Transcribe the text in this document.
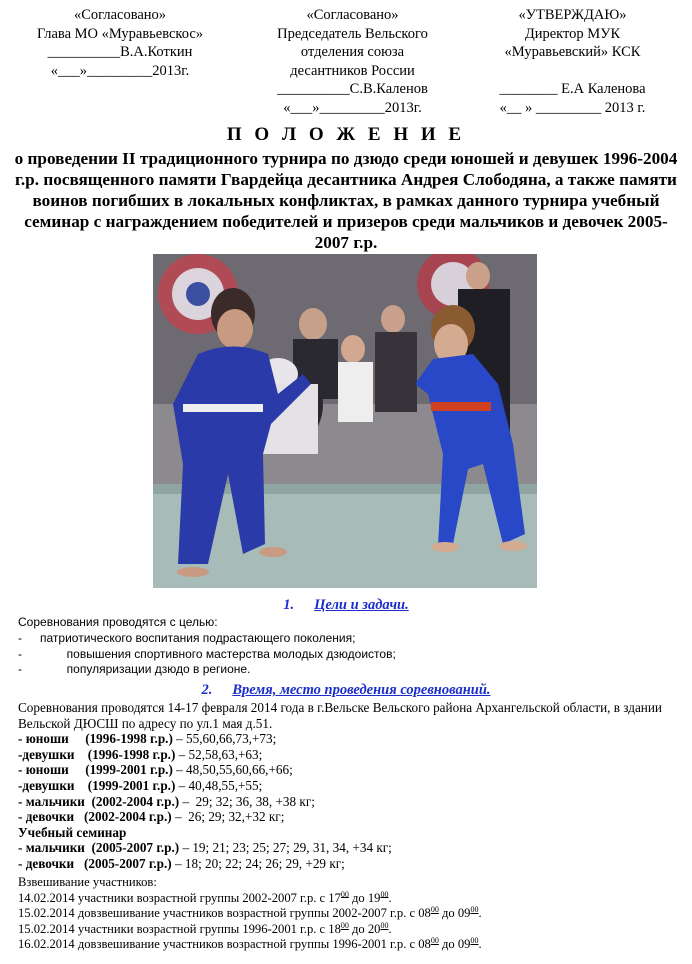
«Согласовано»
Глава МО «Муравьевскос»
__________В.А.Коткин
«___»_________2013г.
«Согласовано»
Председатель Вельского
отделения союза
десантников России
__________С.В.Каленов
«___»_________2013г.
«УТВЕРЖДАЮ»
Директор МУК
«Муравьевский» КСК

________ Е.А Каленова
«__ » _________ 2013 г.
П О Л О Ж Е Н И Е
о проведении II традиционного турнира по дзюдо среди юношей и девушек 1996-2004 г.р. посвященного памяти Гвардейца десантника Андрея Слободяна, а также памяти воинов погибших в локальных конфликтах, в рамках данного турнира учебный семинар с награждением победителей и призеров среди мальчиков и девочек 2005-2007 г.р.
1. Цели и задачи.
Соревнования проводятся с целью:
-	патриотического воспитания подрастающего поколения;
-	повышения спортивного мастерства молодых дзюдоистов;
-	популяризации дзюдо в регионе.
2. Время, место проведения соревнований.
Соревнования проводятся 14-17 февраля 2014 года в г.Вельске Вельского района Архангельской области, в здании Вельской ДЮСШ по адресу по ул.1 мая д.51.
- юноши     (1996-1998 г.р.) – 55,60,66,73,+73;
-девушки    (1996-1998 г.р.) – 52,58,63,+63;
- юноши     (1999-2001 г.р.) – 48,50,55,60,66,+66;
-девушки    (1999-2001 г.р.) – 40,48,55,+55;
- мальчики  (2002-2004 г.р.) –  29; 32; 36, 38, +38 кг;
- девочки   (2002-2004 г.р.) –  26; 29; 32,+32 кг;
Учебный семинар
- мальчики  (2005-2007 г.р.) – 19; 21; 23; 25; 27; 29, 31, 34, +34 кг;
- девочки   (2005-2007 г.р.) – 18; 20; 22; 24; 26; 29, +29 кг;
Взвешивание участников:
14.02.2014 участники возрастной группы 2002-2007 г.р. с $17^{00}$ до $19^{00}$.
15.02.2014 довзвешивание участников возрастной группы 2002-2007 г.р. с $08^{00}$ до $09^{00}$.
15.02.2014 участники возрастной группы 1996-2001 г.р. с $18^{00}$ до $20^{00}$.
16.02.2014 довзвешивание участников возрастной группы 1996-2001 г.р. с $08^{00}$ до $09^{00}$.
